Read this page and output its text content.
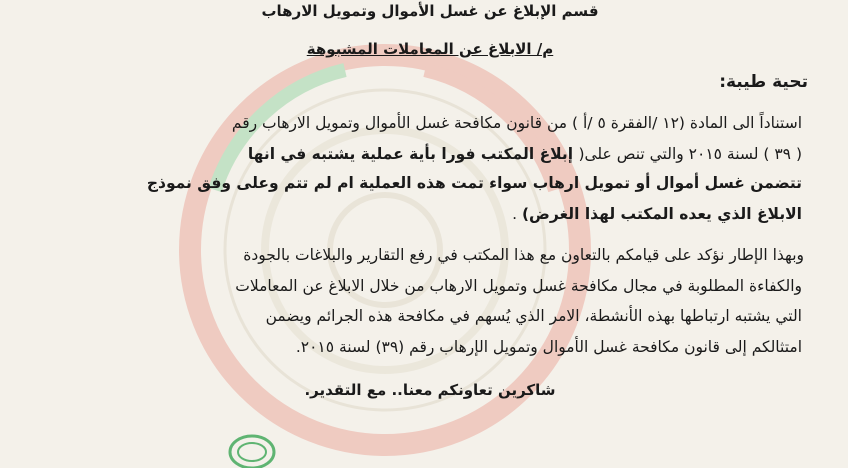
قسم الإبلاغ عن غسل الأموال وتمويل الارهاب
م/ الابلاغ عن المعاملات المشبوهة
تحية طيبة:
استناداً الى المادة (١٢ /الفقرة ٥ /أ ) من قانون مكافحة غسل الأموال وتمويل الارهاب رقم
( ٣٩ ) لسنة ٢٠١٥ والتي تنص على( إبلاغ المكتب فورا بأية عملية يشتبه في انها
تتضمن غسل أموال أو تمويل ارهاب سواء تمت هذه العملية ام لم تتم وعلى وفق نموذج
الابلاغ الذي يعده المكتب لهذا الغرض) .
وبهذا الإطار نؤكد على قيامكم بالتعاون مع هذا المكتب في رفع التقارير والبلاغات بالجودة
والكفاءة المطلوبة في مجال مكافحة غسل وتمويل الارهاب من خلال الابلاغ عن المعاملات
التي يشتبه ارتباطها بهذه الأنشطة، الامر الذي يُسهم في مكافحة هذه الجرائم ويضمن
امتثالكم إلى قانون مكافحة غسل الأموال وتمويل الإرهاب رقم (٣٩) لسنة ٢٠١٥.
شاكرين تعاونكم معنا.. مع التقدير.
